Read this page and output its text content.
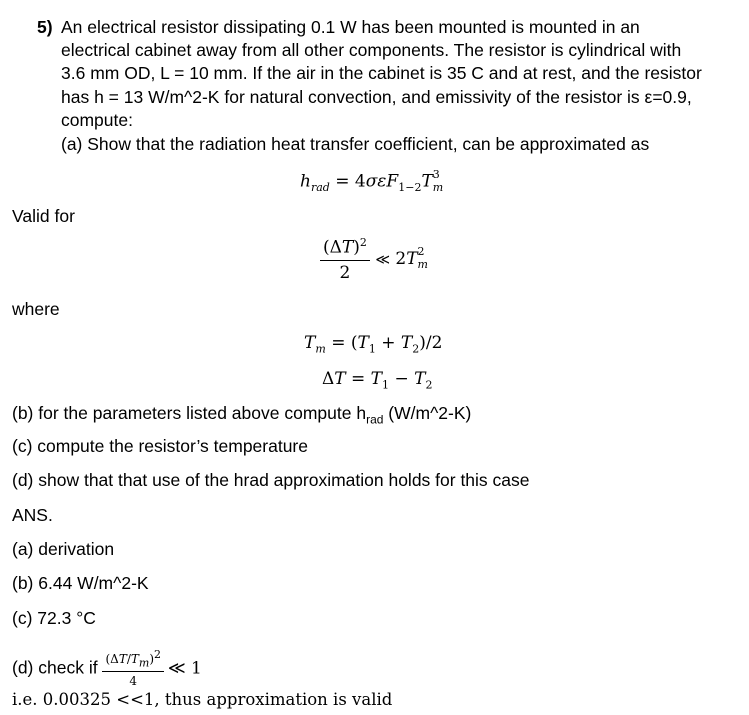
5) An electrical resistor dissipating 0.1 W has been mounted is mounted in an
electrical cabinet away from all other components. The resistor is cylindrical with
3.6 mm OD, L = 10 mm. If the air in the cabinet is 35 C and at rest, and the resistor
has h = 13 W/m^2-K for natural convection, and emissivity of the resistor is ε=0.9,
compute:
(a) Show that the radiation heat transfer coefficient, can be approximated as
$h_{rad} = 4\sigma\varepsilon F_{1-2}T^3_m$
Valid for
$\frac{(\Delta T)^2}{2}$ ≪ $2T^2_m$
where
$T_m = (T_1 + T_2)/2$
$\Delta T = T_1 - T_2$
(b) for the parameters listed above compute $h_{rad}$ (W/m^2-K)
(c) compute the resistor’s temperature
(d) show that that use of the hrad approximation holds for this case
ANS.
(a) derivation
(b) 6.44 W/m^2-K
(c) 72.3 °C
(d) check if $\frac{(\Delta T/T_m)^2}{4}$ ≪ 1
i.e. 0.00325 <<1, thus approximation is valid
